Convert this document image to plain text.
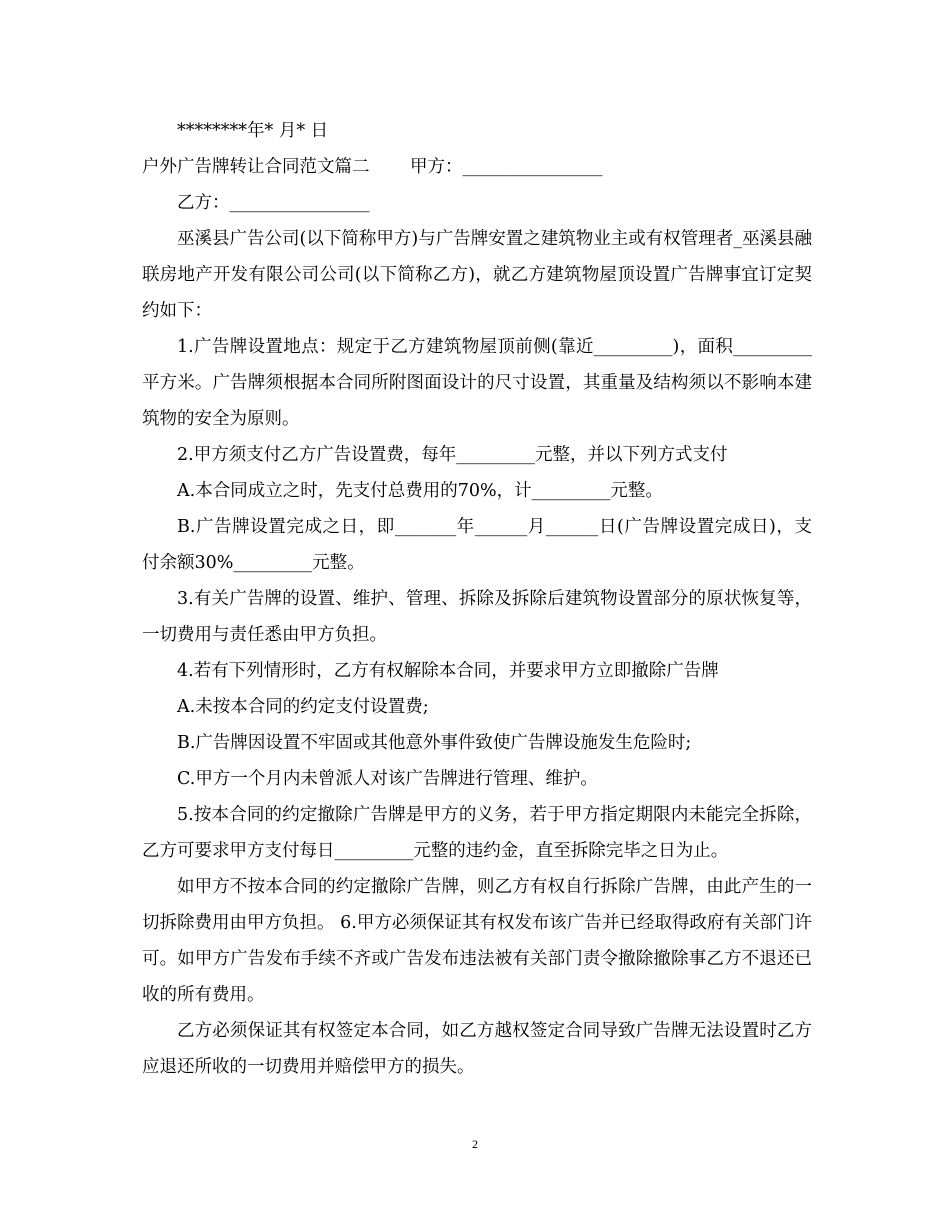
********年* 月* 日

户外广告牌转让合同范文篇二　　 甲方：________________

乙方：________________

巫溪县广告公司(以下简称甲方)与广告牌安置之建筑物业主或有权管理者_巫溪县融联房地产开发有限公司公司(以下简称乙方)，就乙方建筑物屋顶设置广告牌事宜订定契约如下：

1.广告牌设置地点：规定于乙方建筑物屋顶前侧(靠近_________)，面积_________平方米。广告牌须根据本合同所附图面设计的尺寸设置，其重量及结构须以不影响本建筑物的安全为原则。

2.甲方须支付乙方广告设置费，每年_________元整，并以下列方式支付

A.本合同成立之时，先支付总费用的70%，计_________元整。

B.广告牌设置完成之日，即_______年______月______日(广告牌设置完成日)，支付余额30%_________元整。

3.有关广告牌的设置、维护、管理、拆除及拆除后建筑物设置部分的原状恢复等，一切费用与责任悉由甲方负担。

4.若有下列情形时，乙方有权解除本合同，并要求甲方立即撤除广告牌

A.未按本合同的约定支付设置费;

B.广告牌因设置不牢固或其他意外事件致使广告牌设施发生危险时;

C.甲方一个月内未曾派人对该广告牌进行管理、维护。

5.按本合同的约定撤除广告牌是甲方的义务，若于甲方指定期限内未能完全拆除，乙方可要求甲方支付每日_________元整的违约金，直至拆除完毕之日为止。

如甲方不按本合同的约定撤除广告牌，则乙方有权自行拆除广告牌，由此产生的一切拆除费用由甲方负担。 6.甲方必须保证其有权发布该广告并已经取得政府有关部门许可。如甲方广告发布手续不齐或广告发布违法被有关部门责令撤除撤除事乙方不退还已收的所有费用。

乙方必须保证其有权签定本合同，如乙方越权签定合同导致广告牌无法设置时乙方应退还所收的一切费用并赔偿甲方的损失。

2
